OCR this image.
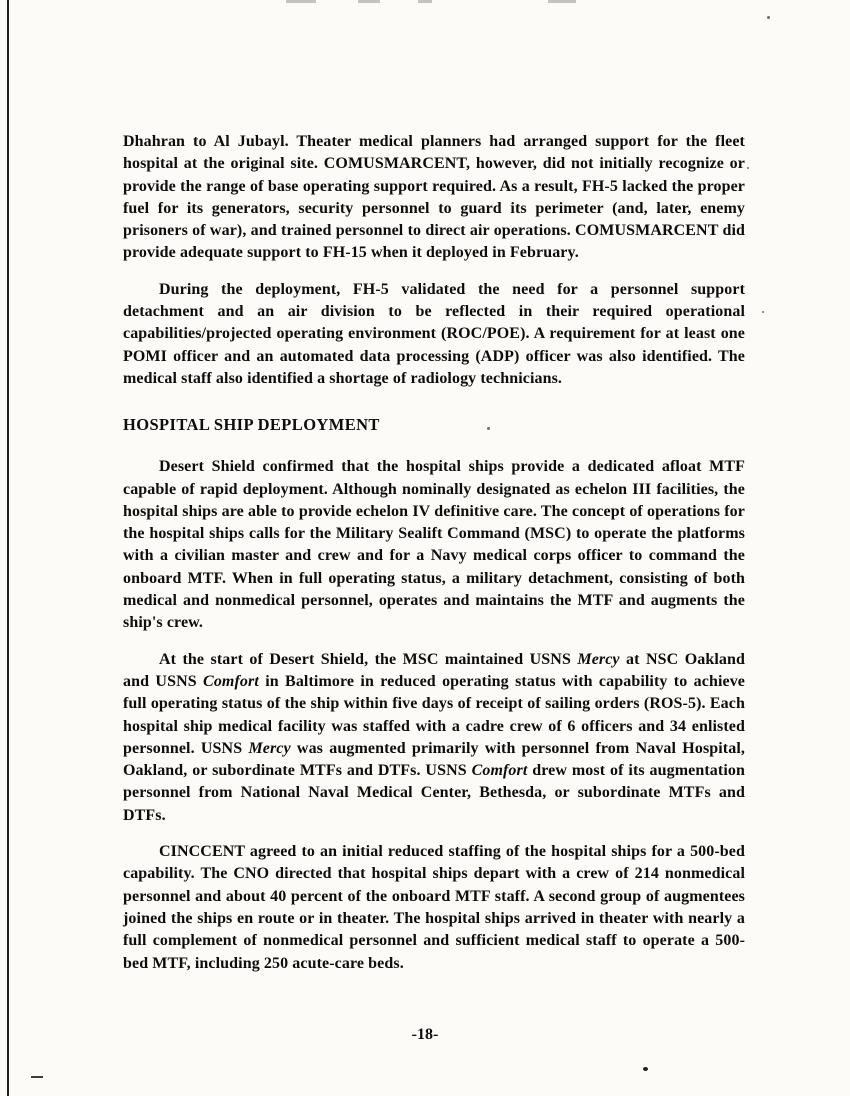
Dhahran to Al Jubayl. Theater medical planners had arranged support for the fleet hospital at the original site. COMUSMARCENT, however, did not initially recognize or provide the range of base operating support required. As a result, FH-5 lacked the proper fuel for its generators, security personnel to guard its perimeter (and, later, enemy prisoners of war), and trained personnel to direct air operations. COMUSMARCENT did provide adequate support to FH-15 when it deployed in February.

During the deployment, FH-5 validated the need for a personnel support detachment and an air division to be reflected in their required operational capabilities/projected operating environment (ROC/POE). A requirement for at least one POMI officer and an automated data processing (ADP) officer was also identified. The medical staff also identified a shortage of radiology technicians.

HOSPITAL SHIP DEPLOYMENT

Desert Shield confirmed that the hospital ships provide a dedicated afloat MTF capable of rapid deployment. Although nominally designated as echelon III facilities, the hospital ships are able to provide echelon IV definitive care. The concept of operations for the hospital ships calls for the Military Sealift Command (MSC) to operate the platforms with a civilian master and crew and for a Navy medical corps officer to command the onboard MTF. When in full operating status, a military detachment, consisting of both medical and nonmedical personnel, operates and maintains the MTF and augments the ship's crew.

At the start of Desert Shield, the MSC maintained USNS Mercy at NSC Oakland and USNS Comfort in Baltimore in reduced operating status with capability to achieve full operating status of the ship within five days of receipt of sailing orders (ROS-5). Each hospital ship medical facility was staffed with a cadre crew of 6 officers and 34 enlisted personnel. USNS Mercy was augmented primarily with personnel from Naval Hospital, Oakland, or subordinate MTFs and DTFs. USNS Comfort drew most of its augmentation personnel from National Naval Medical Center, Bethesda, or subordinate MTFs and DTFs.

CINCCENT agreed to an initial reduced staffing of the hospital ships for a 500-bed capability. The CNO directed that hospital ships depart with a crew of 214 nonmedical personnel and about 40 percent of the onboard MTF staff. A second group of augmentees joined the ships en route or in theater. The hospital ships arrived in theater with nearly a full complement of nonmedical personnel and sufficient medical staff to operate a 500-bed MTF, including 250 acute-care beds.

-18-
